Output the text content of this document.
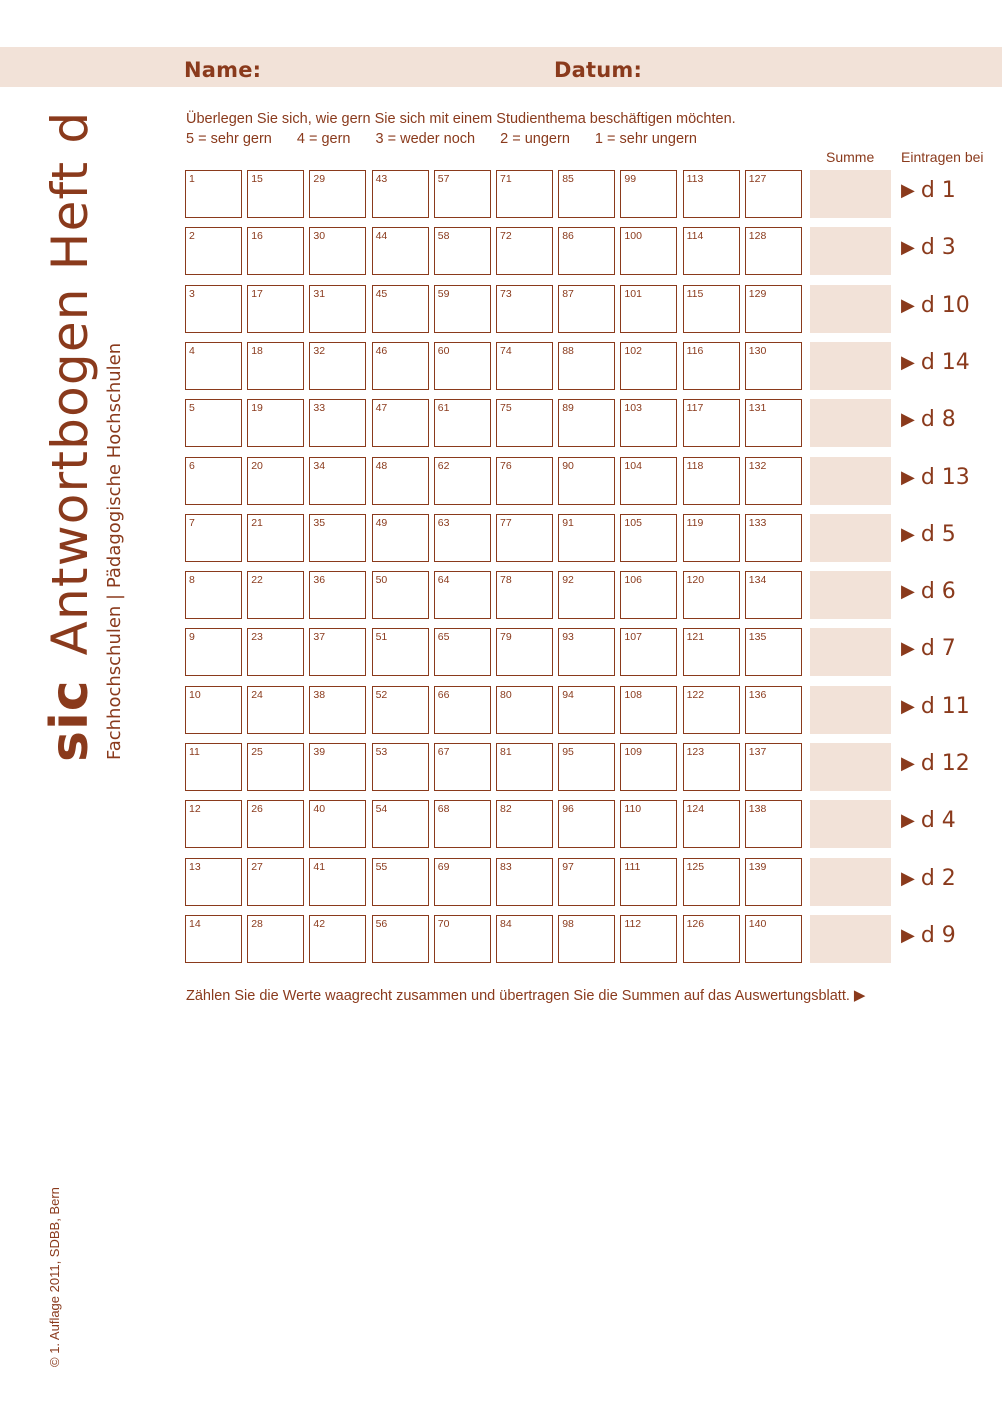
Name:	Datum:
sicAntwortbogen Heft d Fachhochschulen | Pädagogische Hochschulen
© 1. Auflage 2011, SDBB, Bern
Überlegen Sie sich, wie gern Sie sich mit einem Studienthema beschäftigen möchten.
5 = sehr gern 4 = gern 3 = weder noch 2 = ungern 1 = sehr ungern
Summe Eintragen bei
1	15	29	43	57	71	85	99	113	127
▶ d 1
2	16	30	44	58	72	86	100	114	128
▶ d 3
3	17	31	45	59	73	87	101	115	129
▶ d 10
4	18	32	46	60	74	88	102	116	130
▶ d 14
5	19	33	47	61	75	89	103	117	131
▶ d 8
6	20	34	48	62	76	90	104	118	132
▶ d 13
7	21	35	49	63	77	91	105	119	133
▶ d 5
8	22	36	50	64	78	92	106	120	134
▶ d 6
9	23	37	51	65	79	93	107	121	135
▶ d 7
10	24	38	52	66	80	94	108	122	136
▶ d 11
11	25	39	53	67	81	95	109	123	137
▶ d 12
12	26	40	54	68	82	96	110	124	138
▶ d 4
13	27	41	55	69	83	97	111	125	139
▶ d 2
14	28	42	56	70	84	98	112	126	140
▶ d 9
Zählen Sie die Werte waagrecht zusammen und übertragen Sie die Summen auf das Auswertungsblatt. ▶
